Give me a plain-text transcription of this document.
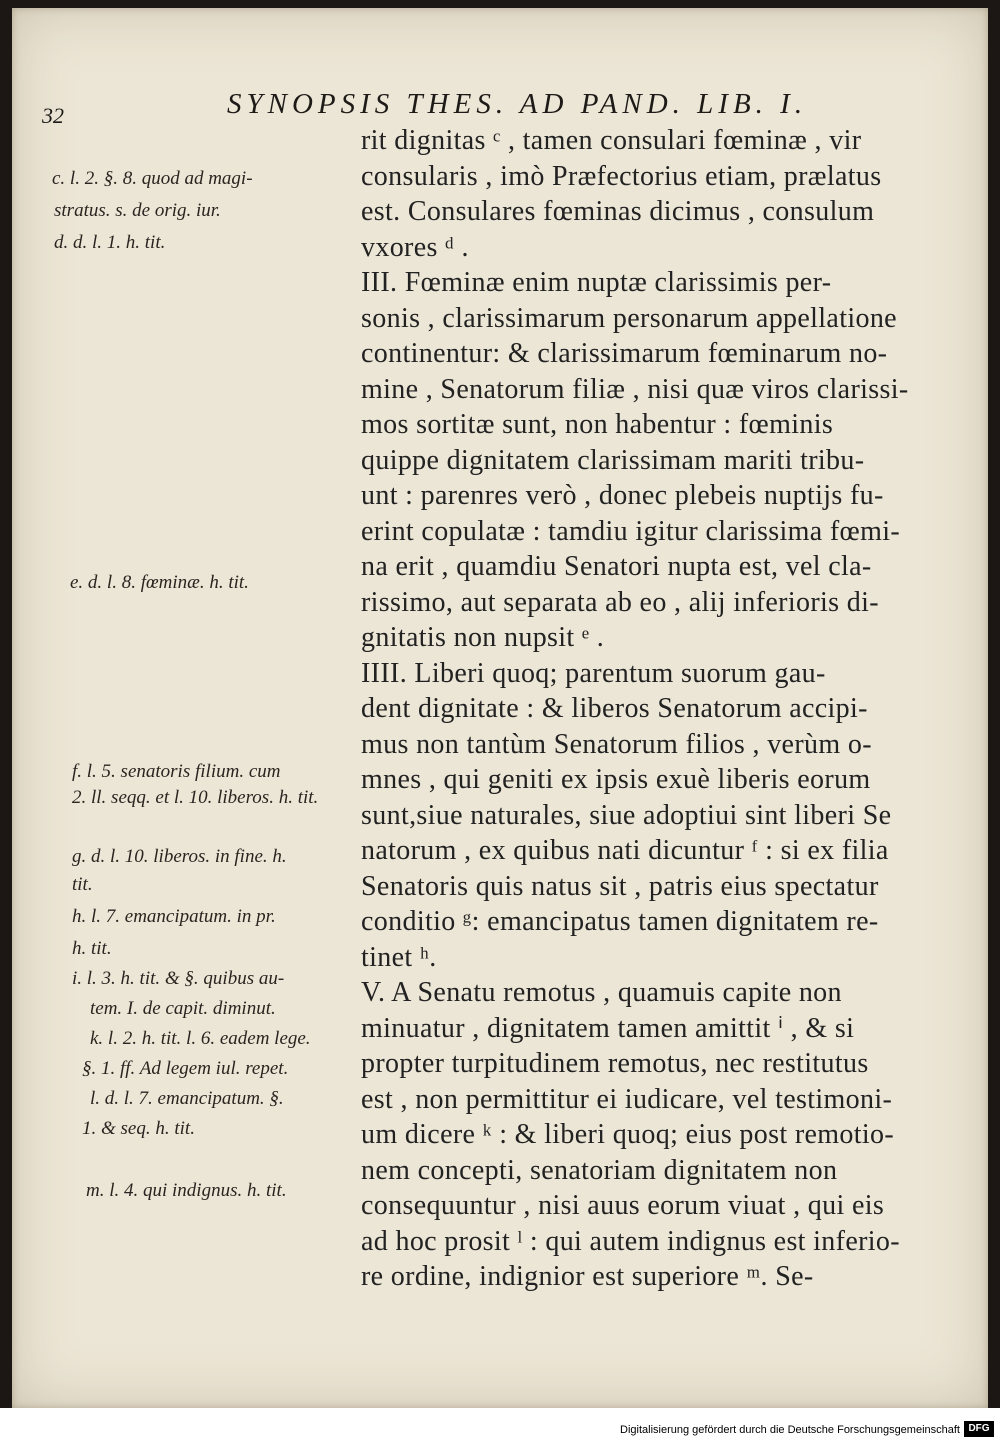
32	SYNOPSIS THES. AD PAND. LIB. I.
c. l. 2. §. 8. quod ad magi-
stratus. s. de orig. iur.
d. d. l. 1. h. tit.
e. d. l. 8. fœminæ. h. tit.
f. l. 5. senatoris filium. cum
2. ll. seqq. et l. 10. liberos. h. tit.
g. d. l. 10. liberos. in fine. h.
tit.
h. l. 7. emancipatum. in pr.
h. tit.
i. l. 3. h. tit. & §. quibus au-
tem. I. de capit. diminut.
k. l. 2. h. tit. l. 6. eadem lege.
§. 1. ff. Ad legem iul. repet.
l. d. l. 7. emancipatum. §.
1. & seq. h. tit.
m. l. 4. qui indignus. h. tit.
rit dignitas ᶜ , tamen consulari fœminæ , vir
consularis , imò Præfectorius etiam, prælatus
est. Consulares fœminas dicimus , consulum
vxores ᵈ .
III. Fœminæ enim nuptæ clarissimis per-
sonis , clarissimarum personarum appellatione
continentur: & clarissimarum fœminarum no-
mine , Senatorum filiæ , nisi quæ viros clarissi-
mos sortitæ sunt, non habentur : fœminis
quippe dignitatem clarissimam mariti tribu-
unt : parenres verò , donec plebeis nuptijs fu-
erint copulatæ : tamdiu igitur clarissima fœmi-
na erit , quamdiu Senatori nupta est, vel cla-
rissimo, aut separata ab eo , alij inferioris di-
gnitatis non nupsit ᵉ .
IIII. Liberi quoq; parentum suorum gau-
dent dignitate : & liberos Senatorum accipi-
mus non tantùm Senatorum filios , verùm o-
mnes , qui geniti ex ipsis exuè liberis eorum
sunt,siue naturales, siue adoptiui sint liberi Se
natorum , ex quibus nati dicuntur ᶠ : si ex filia
Senatoris quis natus sit , patris eius spectatur
conditio ᵍ: emancipatus tamen dignitatem re-
tinet ʰ.
V. A Senatu remotus , quamuis capite non
minuatur , dignitatem tamen amittit ⁱ , & si
propter turpitudinem remotus, nec restitutus
est , non permittitur ei iudicare, vel testimoni-
um dicere ᵏ : & liberi quoq; eius post remotio-
nem concepti, senatoriam dignitatem non
consequuntur , nisi auus eorum viuat , qui eis
ad hoc prosit ˡ : qui autem indignus est inferio-
re ordine, indignior est superiore ᵐ. Se-
Digitalisierung gefördert durch die Deutsche Forschungsgemeinschaft DFG
